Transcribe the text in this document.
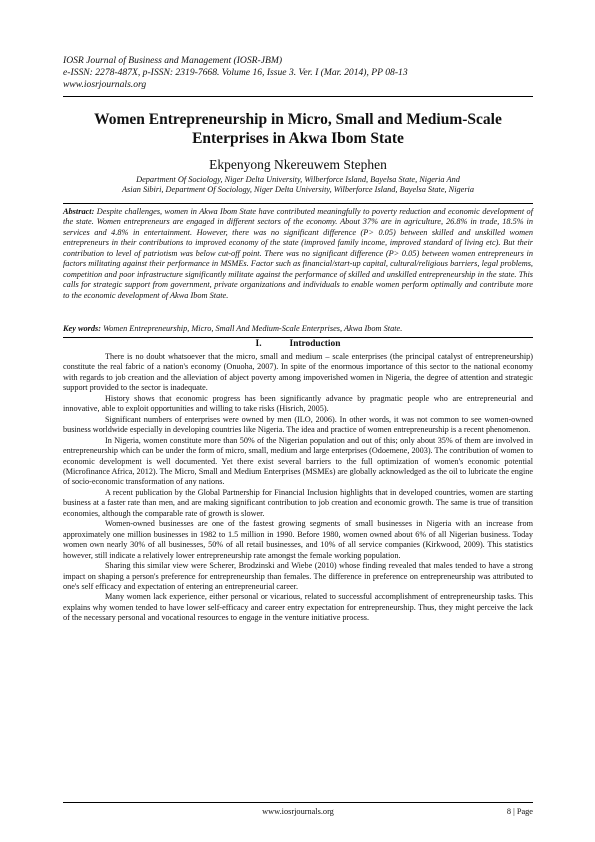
IOSR Journal of Business and Management (IOSR-JBM)
e-ISSN: 2278-487X, p-ISSN: 2319-7668. Volume 16, Issue 3. Ver. I (Mar. 2014), PP 08-13
www.iosrjournals.org
Women Entrepreneurship in Micro, Small and Medium-Scale Enterprises in Akwa Ibom State
Ekpenyong Nkereuwem Stephen
Department Of Sociology, Niger Delta University, Wilberforce Island, Bayelsa State, Nigeria And
Asian Sibiri, Department Of Sociology, Niger Delta University, Wilberforce Island, Bayelsa State, Nigeria
Abstract: Despite challenges, women in Akwa Ibom State have contributed meaningfully to poverty reduction and economic development of the state. Women entrepreneurs are engaged in different sectors of the economy. About 37% are in agriculture, 26.8% in trade, 18.5% in services and 4.8% in entertainment. However, there was no significant difference (P> 0.05) between skilled and unskilled women entrepreneurs in their contributions to improved economy of the state (improved family income, improved standard of living etc). But their contribution to level of patriotism was below cut-off point. There was no significant difference (P> 0.05) between women entrepreneurs in factors militating against their performance in MSMEs. Factor such as financial/start-up capital, cultural/religious barriers, legal problems, competition and poor infrastructure significantly militate against the performance of skilled and unskilled entrepreneurship in the state. This calls for strategic support from government, private organizations and individuals to enable women perform optimally and contribute more to the economic development of Akwa Ibom State.
Key words: Women Entrepreneurship, Micro, Small And Medium-Scale Enterprises, Akwa Ibom State.
I.	Introduction

There is no doubt whatsoever that the micro, small and medium – scale enterprises (the principal catalyst of entrepreneurship) constitute the real fabric of a nation's economy (Onuoha, 2007). In spite of the enormous importance of this sector to the national economy with regards to job creation and the alleviation of abject poverty among impoverished women in Nigeria, the degree of attention and strategic support provided to the sector is inadequate.

History shows that economic progress has been significantly advance by pragmatic people who are entrepreneurial and innovative, able to exploit opportunities and willing to take risks (Hisrich, 2005).

Significant numbers of enterprises were owned by men (ILO, 2006). In other words, it was not common to see women-owned business worldwide especially in developing countries like Nigeria. The idea and practice of women entrepreneurship is a recent phenomenon.

In Nigeria, women constitute more than 50% of the Nigerian population and out of this; only about 35% of them are involved in entrepreneurship which can be under the form of micro, small, medium and large enterprises (Odoemene, 2003). The contribution of women to economic development is well documented. Yet there exist several barriers to the full optimization of women's economic potential (Microfinance Africa, 2012). The Micro, Small and Medium Enterprises (MSMEs) are globally acknowledged as the oil to lubricate the engine of socio-economic transformation of any nations.

A recent publication by the Global Partnership for Financial Inclusion highlights that in developed countries, women are starting business at a faster rate than men, and are making significant contribution to job creation and economic growth. The same is true of transition economies, although the comparable rate of growth is slower.

Women-owned businesses are one of the fastest growing segments of small businesses in Nigeria with an increase from approximately one million businesses in 1982 to 1.5 million in 1990. Before 1980, women owned about 6% of all Nigerian business. Today women own nearly 30% of all businesses, 50% of all retail businesses, and 10% of all service companies (Kirkwood, 2009). This statistics however, still indicate a relatively lower entrepreneurship rate amongst the female working population.

Sharing this similar view were Scherer, Brodzinski and Wiebe (2010) whose finding revealed that males tended to have a strong impact on shaping a person's preference for entrepreneurship than females. The difference in preference on entrepreneurship was attributed to one's self efficacy and expectation of entering an entrepreneurial career.

Many women lack experience, either personal or vicarious, related to successful accomplishment of entrepreneurship tasks. This explains why women tended to have lower self-efficacy and career entry expectation for entrepreneurship. Thus, they might perceive the lack of the necessary personal and vocational resources to engage in the venture initiative process.

www.iosrjournals.org	8 | Page
